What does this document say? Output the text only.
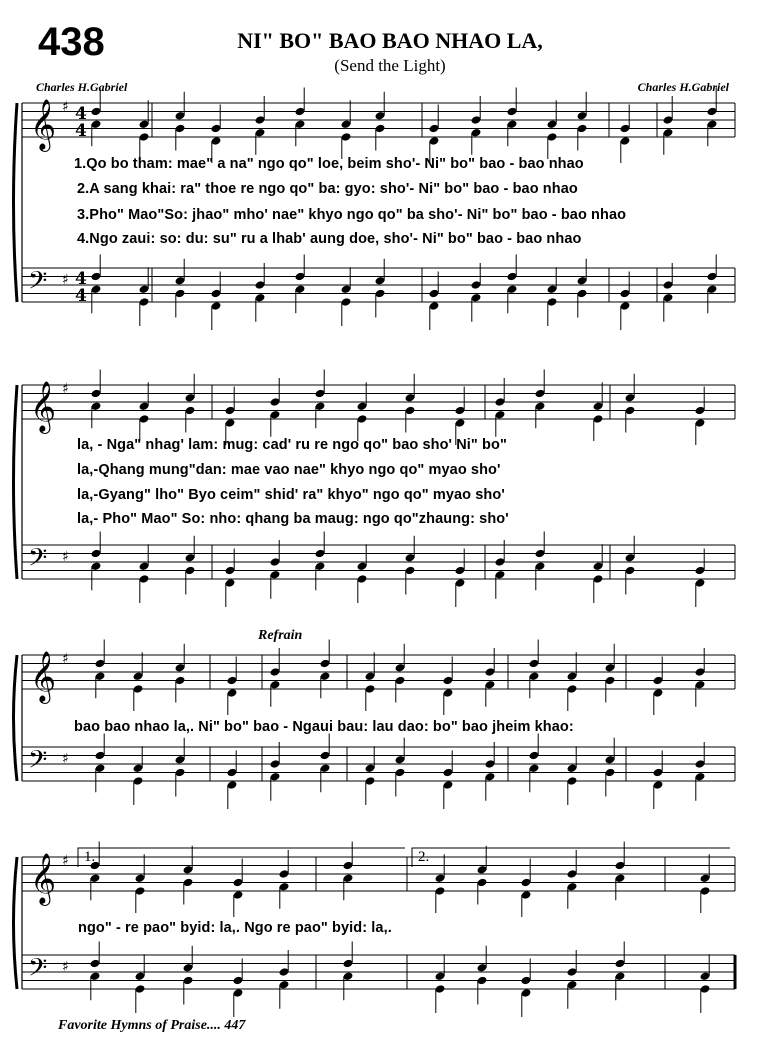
438	NI" BO" BAO BAO NHAO LA,
(Send the Light)
Charles H.Gabriel	Charles H.Gabriel
𝄞
𝄢
♯
♯
4
4
4
4
𝄞
𝄢
♯
♯
𝄞
𝄢
♯
♯
𝄞
𝄢
♯
♯
1.	2.
1.Qo bo tham: mae" a na" ngo qo" loe, beim sho'- Ni" bo" bao - bao nhao
2.A sang khai: ra" thoe re ngo qo" ba: gyo: sho'- Ni" bo" bao - bao nhao
3.Pho" Mao"So: jhao" mho' nae" khyo ngo qo" ba sho'- Ni" bo" bao - bao nhao
4.Ngo zaui: so: du: su" ru a lhab' aung doe, sho'- Ni" bo" bao - bao nhao
la, - Nga" nhag' lam: mug: cad' ru re ngo qo" bao sho' Ni" bo"
la,-Qhang mung"dan: mae vao nae" khyo ngo qo" myao sho'
la,-Gyang" lho" Byo ceim" shid' ra" khyo" ngo qo" myao sho'
la,- Pho" Mao" So: nho: qhang ba maug: ngo qo"zhaung: sho'
Refrain
bao bao nhao la,. Ni" bo" bao - Ngaui bau: lau dao: bo" bao jheim khao:
ngo" - re pao" byid: la,. Ngo re pao" byid: la,.
Favorite Hymns of Praise.... 447
